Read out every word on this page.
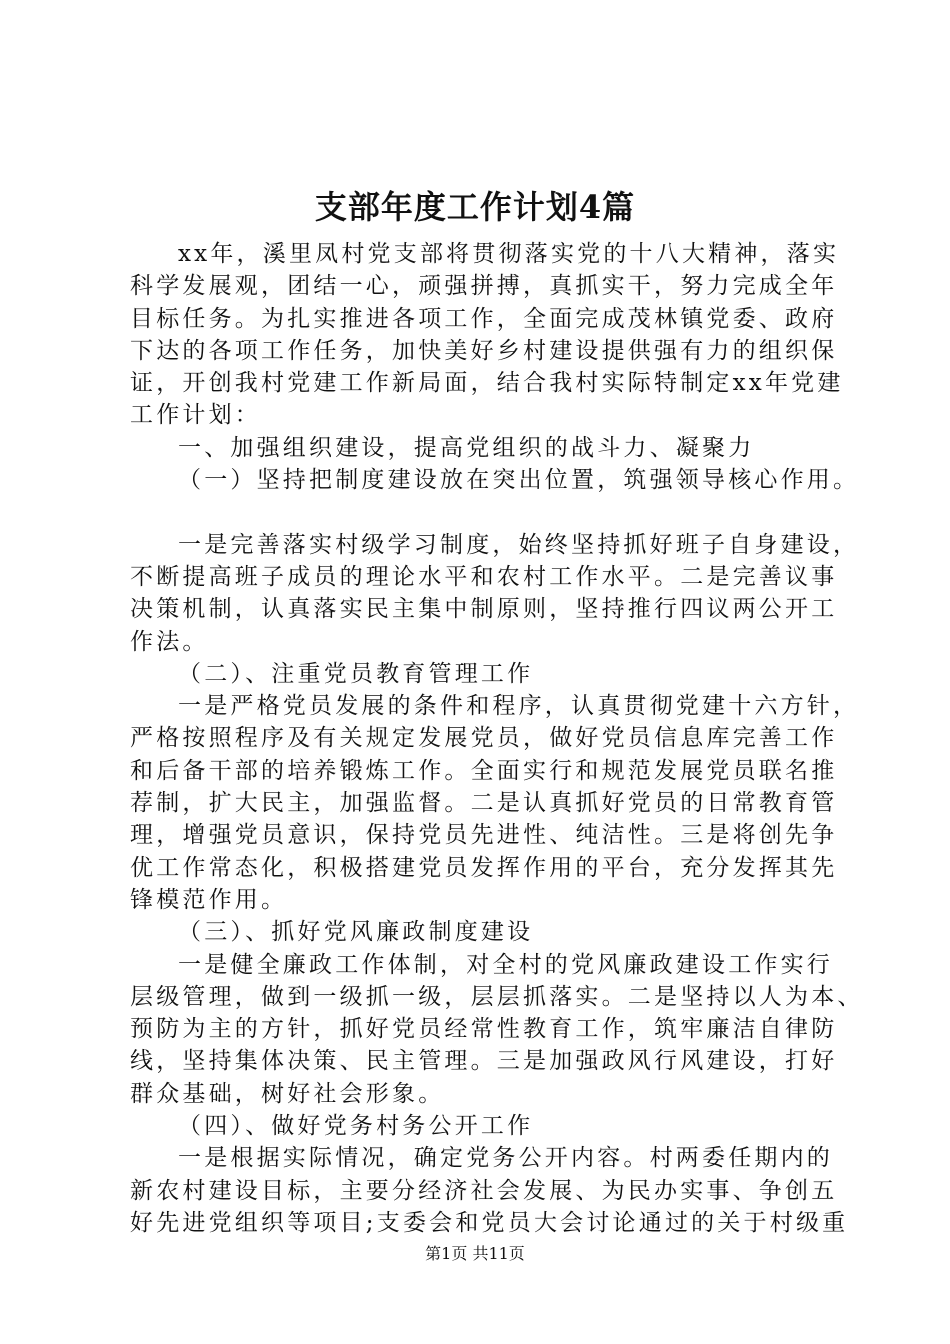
支部年度工作计划4篇
xx年，溪里凤村党支部将贯彻落实党的十八大精神，落实
科学发展观，团结一心，顽强拼搏，真抓实干，努力完成全年
目标任务。为扎实推进各项工作，全面完成茂林镇党委、政府
下达的各项工作任务，加快美好乡村建设提供强有力的组织保
证，开创我村党建工作新局面，结合我村实际特制定xx年党建
工作计划：
一、加强组织建设，提高党组织的战斗力、凝聚力
（一）坚持把制度建设放在突出位置，筑强领导核心作用。
一是完善落实村级学习制度，始终坚持抓好班子自身建设，
不断提高班子成员的理论水平和农村工作水平。二是完善议事
决策机制，认真落实民主集中制原则，坚持推行四议两公开工
作法。
（二）、注重党员教育管理工作
一是严格党员发展的条件和程序，认真贯彻党建十六方针，
严格按照程序及有关规定发展党员，做好党员信息库完善工作
和后备干部的培养锻炼工作。全面实行和规范发展党员联名推
荐制，扩大民主，加强监督。二是认真抓好党员的日常教育管
理，增强党员意识，保持党员先进性、纯洁性。三是将创先争
优工作常态化，积极搭建党员发挥作用的平台，充分发挥其先
锋模范作用。
（三）、抓好党风廉政制度建设
一是健全廉政工作体制，对全村的党风廉政建设工作实行
层级管理，做到一级抓一级，层层抓落实。二是坚持以人为本、
预防为主的方针，抓好党员经常性教育工作，筑牢廉洁自律防
线，坚持集体决策、民主管理。三是加强政风行风建设，打好
群众基础，树好社会形象。
（四）、做好党务村务公开工作
一是根据实际情况，确定党务公开内容。村两委任期内的
新农村建设目标，主要分经济社会发展、为民办实事、争创五
好先进党组织等项目;支委会和党员大会讨论通过的关于村级重
第1页 共11页
